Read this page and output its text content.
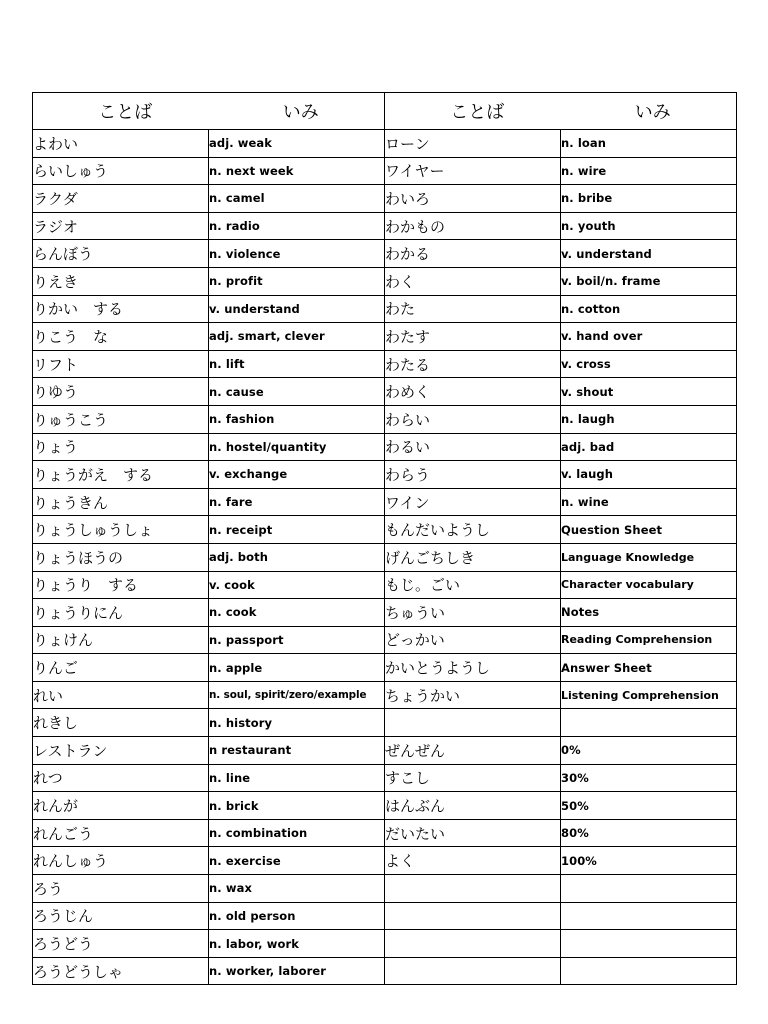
ことば いみ		ことば いみ	

よわい	adj. weak	ローン	n. loan
らいしゅう	n. next week	ワイヤー	n. wire
ラクダ	n. camel	わいろ	n. bribe
ラジオ	n. radio	わかもの	n. youth
らんぼう	n. violence	わかる	v. understand
りえき	n. profit	わく	v. boil/n. frame
りかい　する	v. understand	わた	n. cotton
りこう　な	adj. smart, clever	わたす	v. hand over
リフト	n. lift	わたる	v. cross
りゆう	n. cause	わめく	v. shout
りゅうこう	n. fashion	わらい	n. laugh
りょう	n. hostel/quantity	わるい	adj. bad
りょうがえ　する	v. exchange	わらう	v. laugh
りょうきん	n. fare	ワイン	n. wine
りょうしゅうしょ	n. receipt	もんだいようし	Question Sheet
りょうほうの	adj. both	げんごちしき	Language Knowledge
りょうり　する	v. cook	もじ。ごい	Character vocabulary
りょうりにん	n. cook	ちゅうい	Notes
りょけん	n. passport	どっかい	Reading Comprehension
りんご	n. apple	かいとうようし	Answer Sheet
れい	n. soul, spirit/zero/example	ちょうかい	Listening Comprehension
れきし	n. history		
レストラン	n restaurant	ぜんぜん	0%
れつ	n. line	すこし	30%
れんが	n. brick	はんぶん	50%
れんごう	n. combination	だいたい	80%
れんしゅう	n. exercise	よく	100%
ろう	n. wax		
ろうじん	n. old person		
ろうどう	n. labor, work		
ろうどうしゃ	n. worker, laborer		
